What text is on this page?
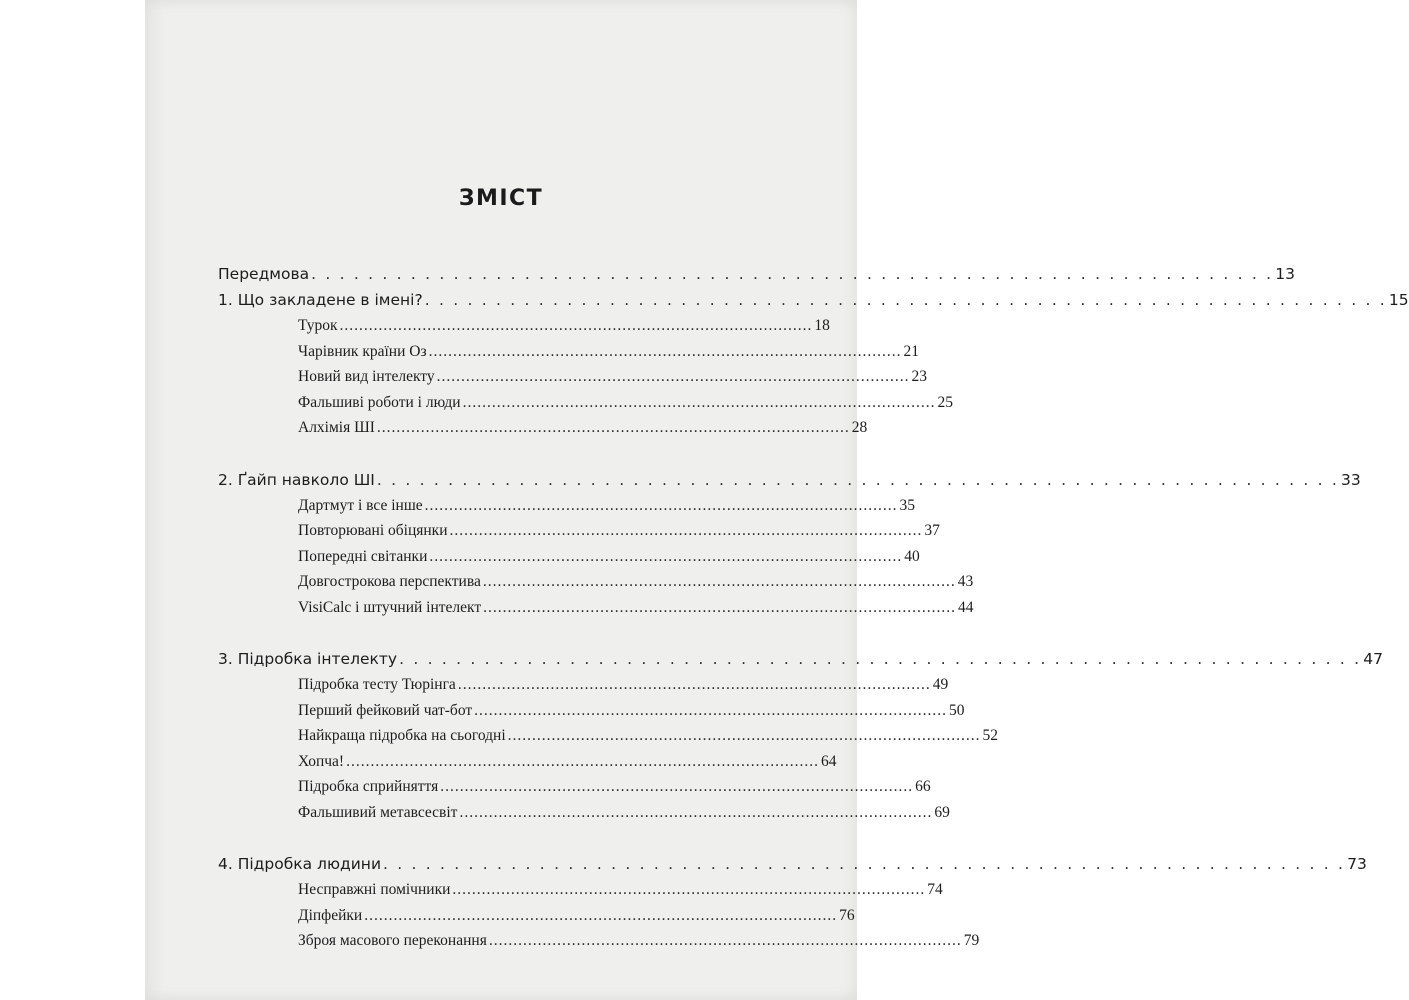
ЗМІСТ
Передмова . . . . . . . . . . . . . . . . . . . . . . . . . . . . . . . . . . . . . . . . . . . . . . . . . . . . . . . . . . . . . . . . . . . . 13
1. Що закладене в імені? . . . . . . . . . . . . . . . . . . . . . . . . . . . . . . . . . . . . . . . . . . . . . . . . . . . . . . . . . . . . . . . . . . . . 15
Турок ................................................................................................. 18
Чарівник країни Оз ................................................................................................. 21
Новий вид інтелекту ................................................................................................. 23
Фальшиві роботи і люди ................................................................................................. 25
Алхімія ШІ ................................................................................................. 28
2. Ґайп навколо ШІ . . . . . . . . . . . . . . . . . . . . . . . . . . . . . . . . . . . . . . . . . . . . . . . . . . . . . . . . . . . . . . . . . . . . 33
Дартмут і все інше ................................................................................................. 35
Повторювані обіцянки ................................................................................................. 37
Попередні світанки ................................................................................................. 40
Довгострокова перспектива ................................................................................................. 43
VisiCalc і штучний інтелект ................................................................................................. 44
3. Підробка інтелекту . . . . . . . . . . . . . . . . . . . . . . . . . . . . . . . . . . . . . . . . . . . . . . . . . . . . . . . . . . . . . . . . . . . . 47
Підробка тесту Тюрінга ................................................................................................. 49
Перший фейковий чат-бот ................................................................................................. 50
Найкраща підробка на сьогодні ................................................................................................. 52
Хопча! ................................................................................................. 64
Підробка сприйняття ................................................................................................. 66
Фальшивий метавсесвіт ................................................................................................. 69
4. Підробка людини . . . . . . . . . . . . . . . . . . . . . . . . . . . . . . . . . . . . . . . . . . . . . . . . . . . . . . . . . . . . . . . . . . . . 73
Несправжні помічники ................................................................................................. 74
Діпфейки ................................................................................................. 76
Зброя масового переконання ................................................................................................. 79
